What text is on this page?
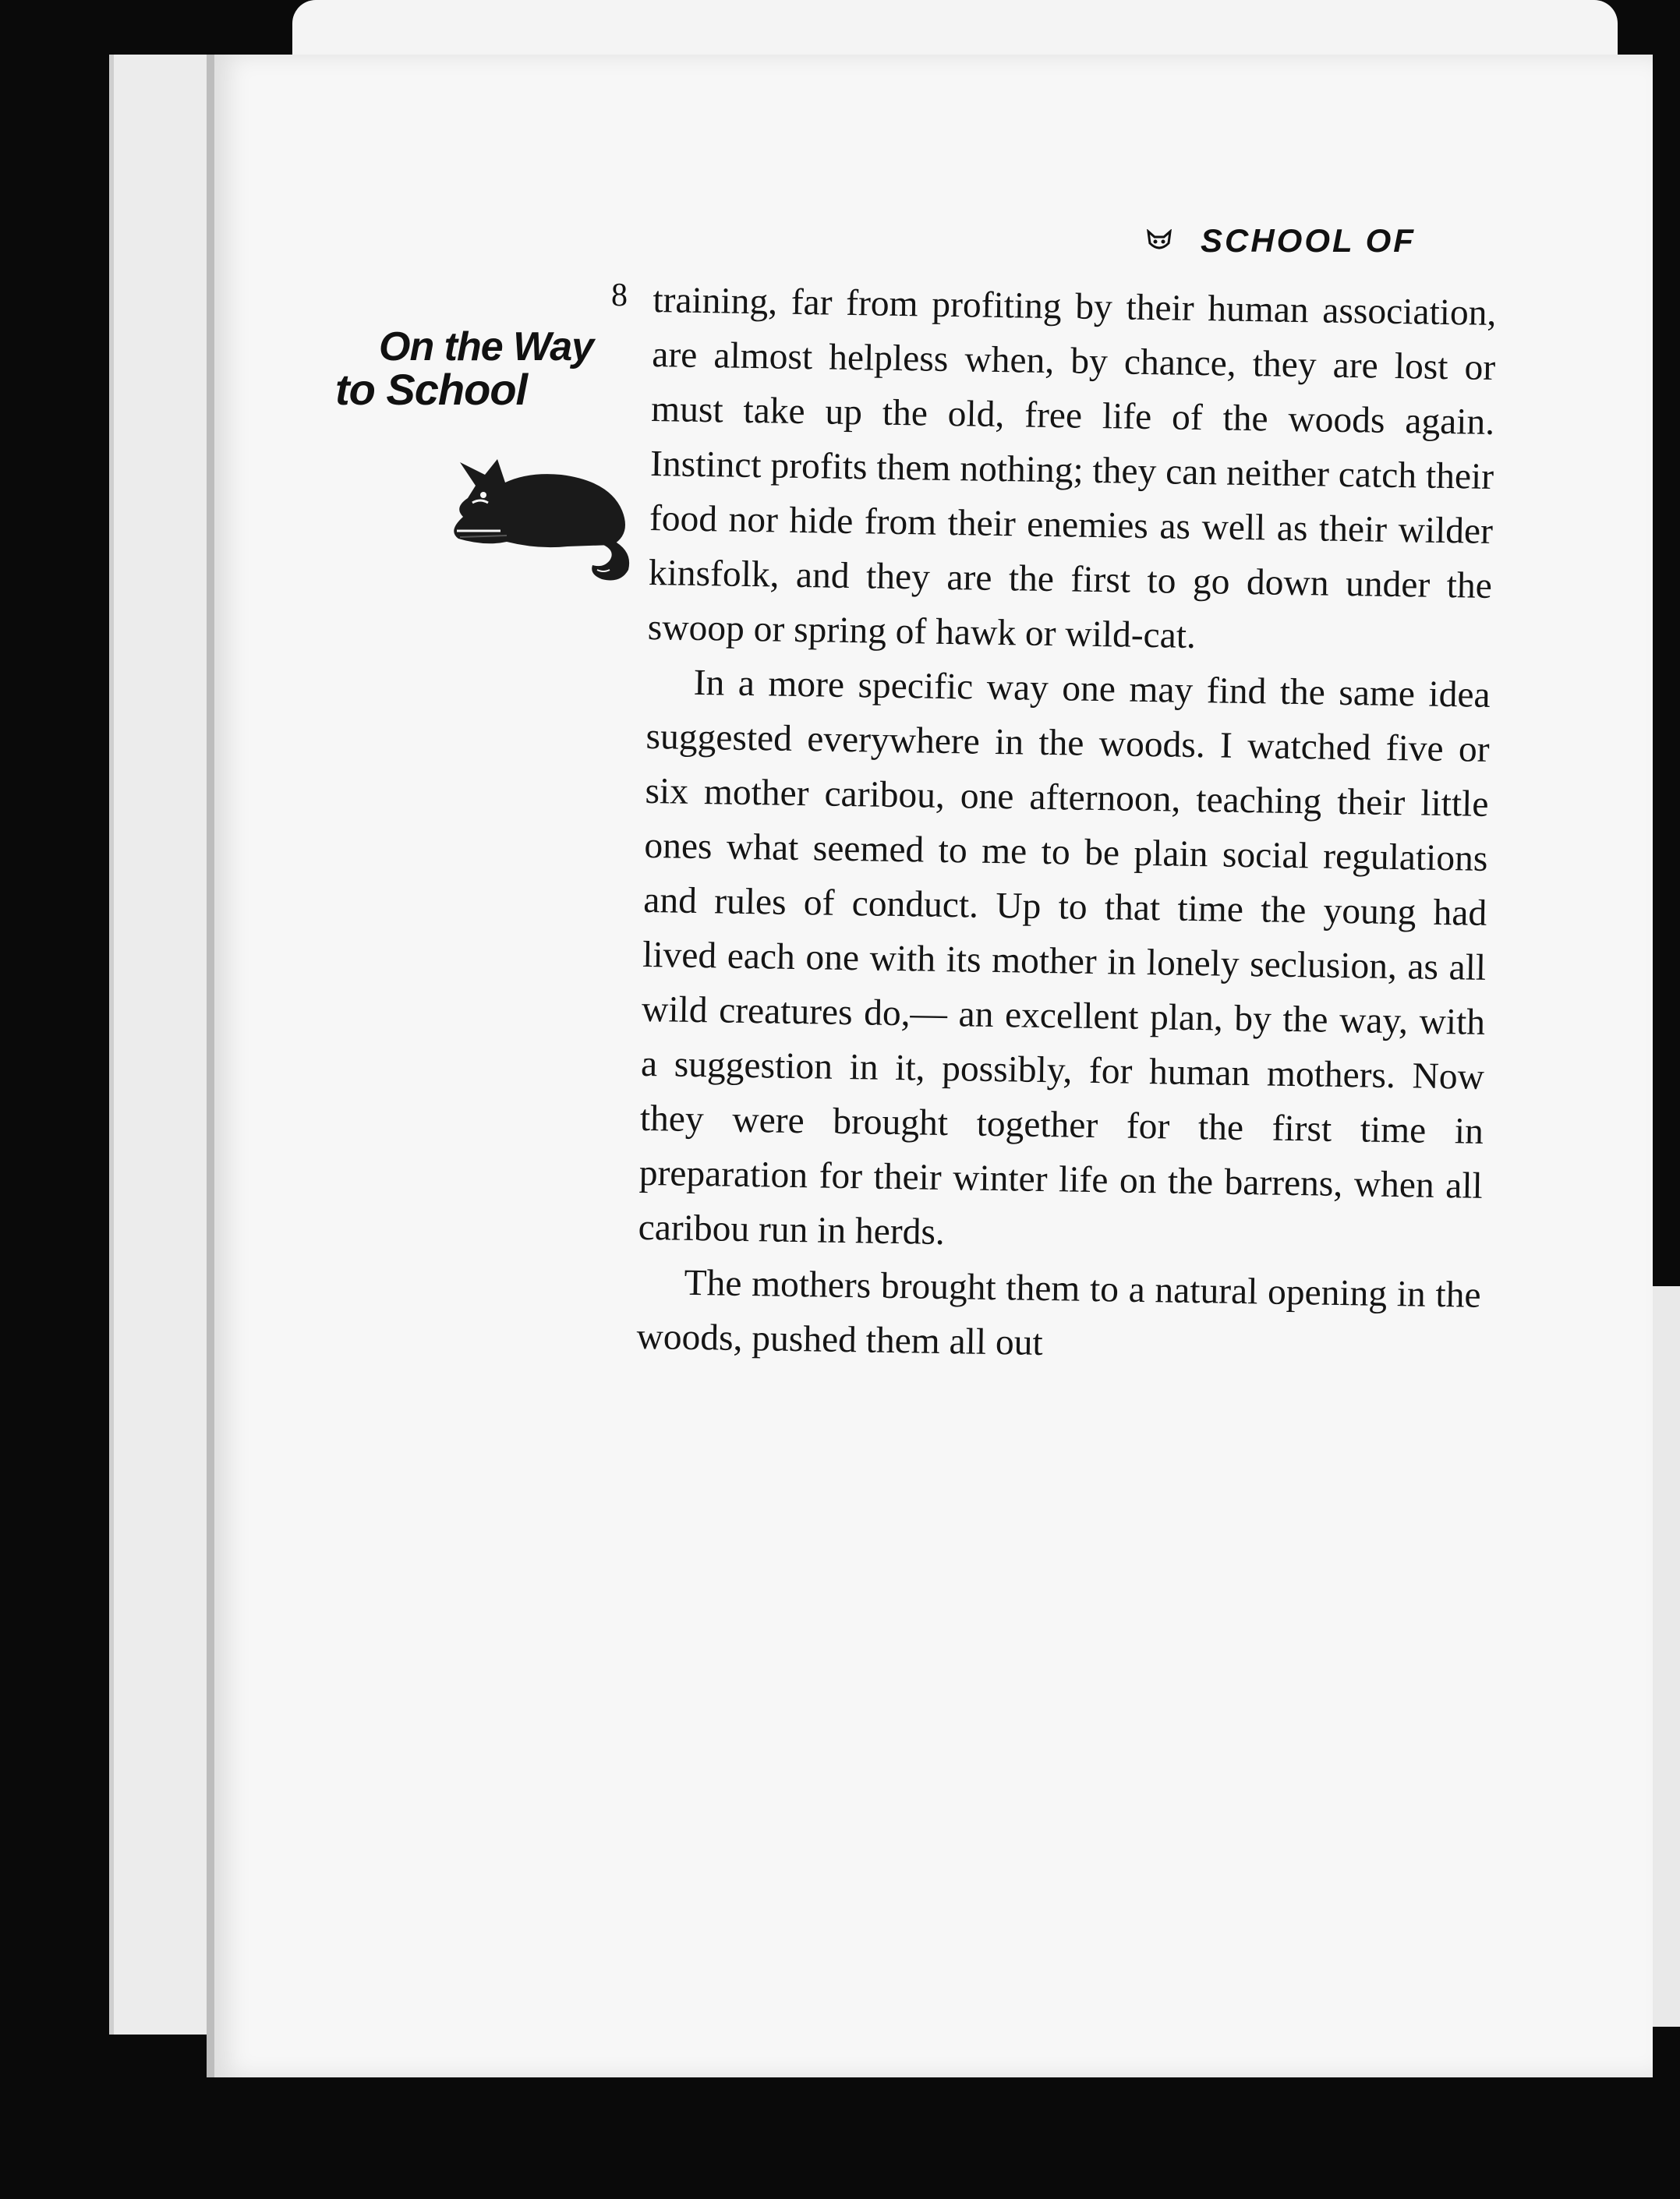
SCHOOL OF
8
On the Way
to School

training, far from profiting by their human association, are almost helpless when, by chance, they are lost or must take up the old, free life of the woods again. Instinct profits them nothing; they can neither catch their food nor hide from their enemies as well as their wilder kinsfolk, and they are the first to go down under the swoop or spring of hawk or wild-cat.

In a more specific way one may find the same idea suggested everywhere in the woods. I watched five or six mother caribou, one afternoon, teaching their little ones what seemed to me to be plain social regulations and rules of conduct. Up to that time the young had lived each one with its mother in lonely seclusion, as all wild creatures do,— an excellent plan, by the way, with a suggestion in it, possibly, for human mothers. Now they were brought together for the first time in preparation for their winter life on the barrens, when all caribou run in herds.

The mothers brought them to a natural opening in the woods, pushed them all out
